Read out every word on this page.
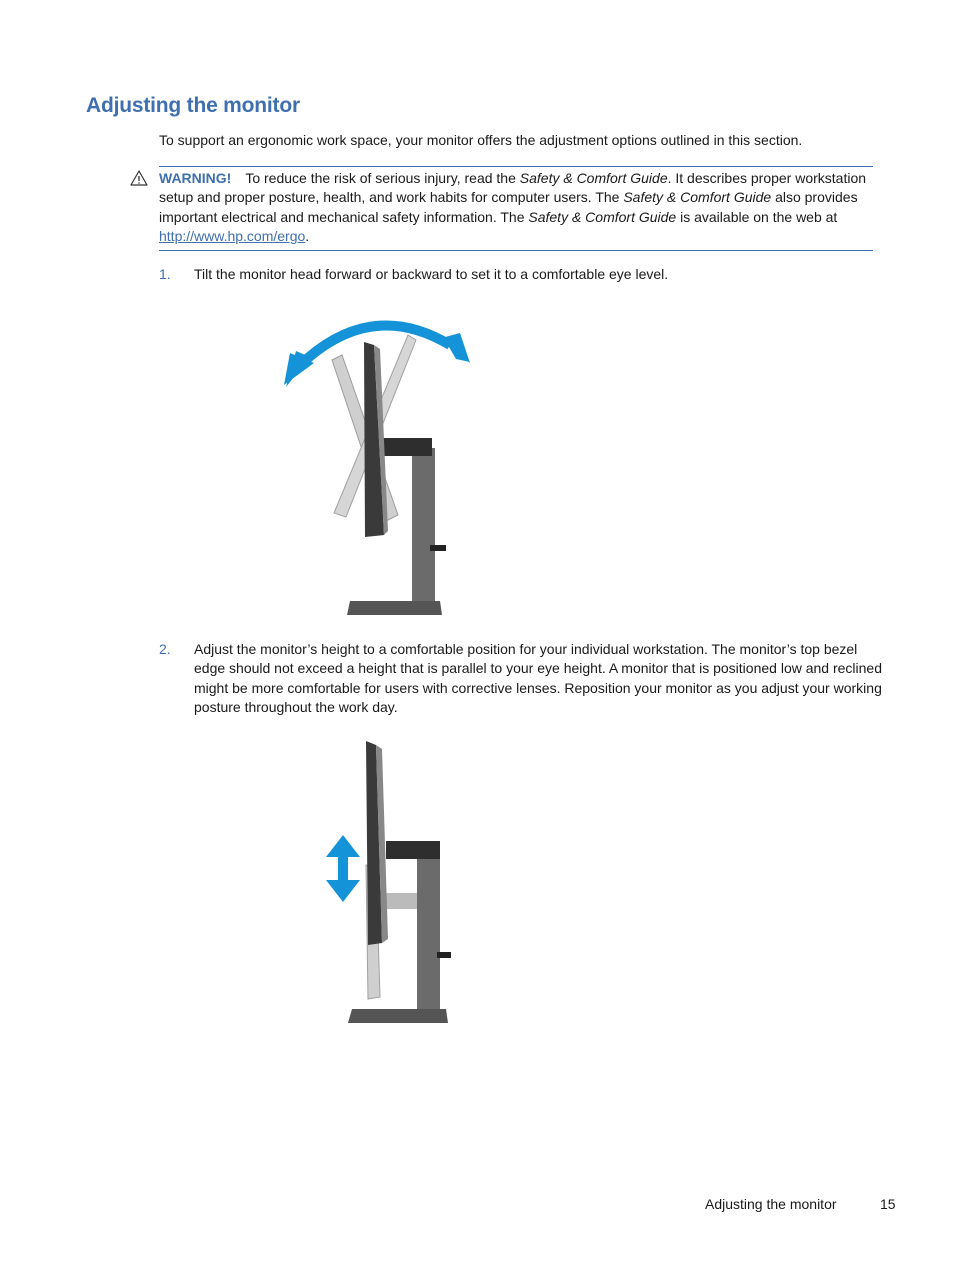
Adjusting the monitor

To support an ergonomic work space, your monitor offers the adjustment options outlined in this section.

WARNING! To reduce the risk of serious injury, read the Safety & Comfort Guide. It describes proper workstation setup and proper posture, health, and work habits for computer users. The Safety & Comfort Guide also provides important electrical and mechanical safety information. The Safety & Comfort Guide is available on the web at http://www.hp.com/ergo.

1. Tilt the monitor head forward or backward to set it to a comfortable eye level.
2. Adjust the monitor’s height to a comfortable position for your individual workstation. The monitor’s top bezel edge should not exceed a height that is parallel to your eye height. A monitor that is positioned low and reclined might be more comfortable for users with corrective lenses. Reposition your monitor as you adjust your working posture throughout the work day.
Adjusting the monitor	15
